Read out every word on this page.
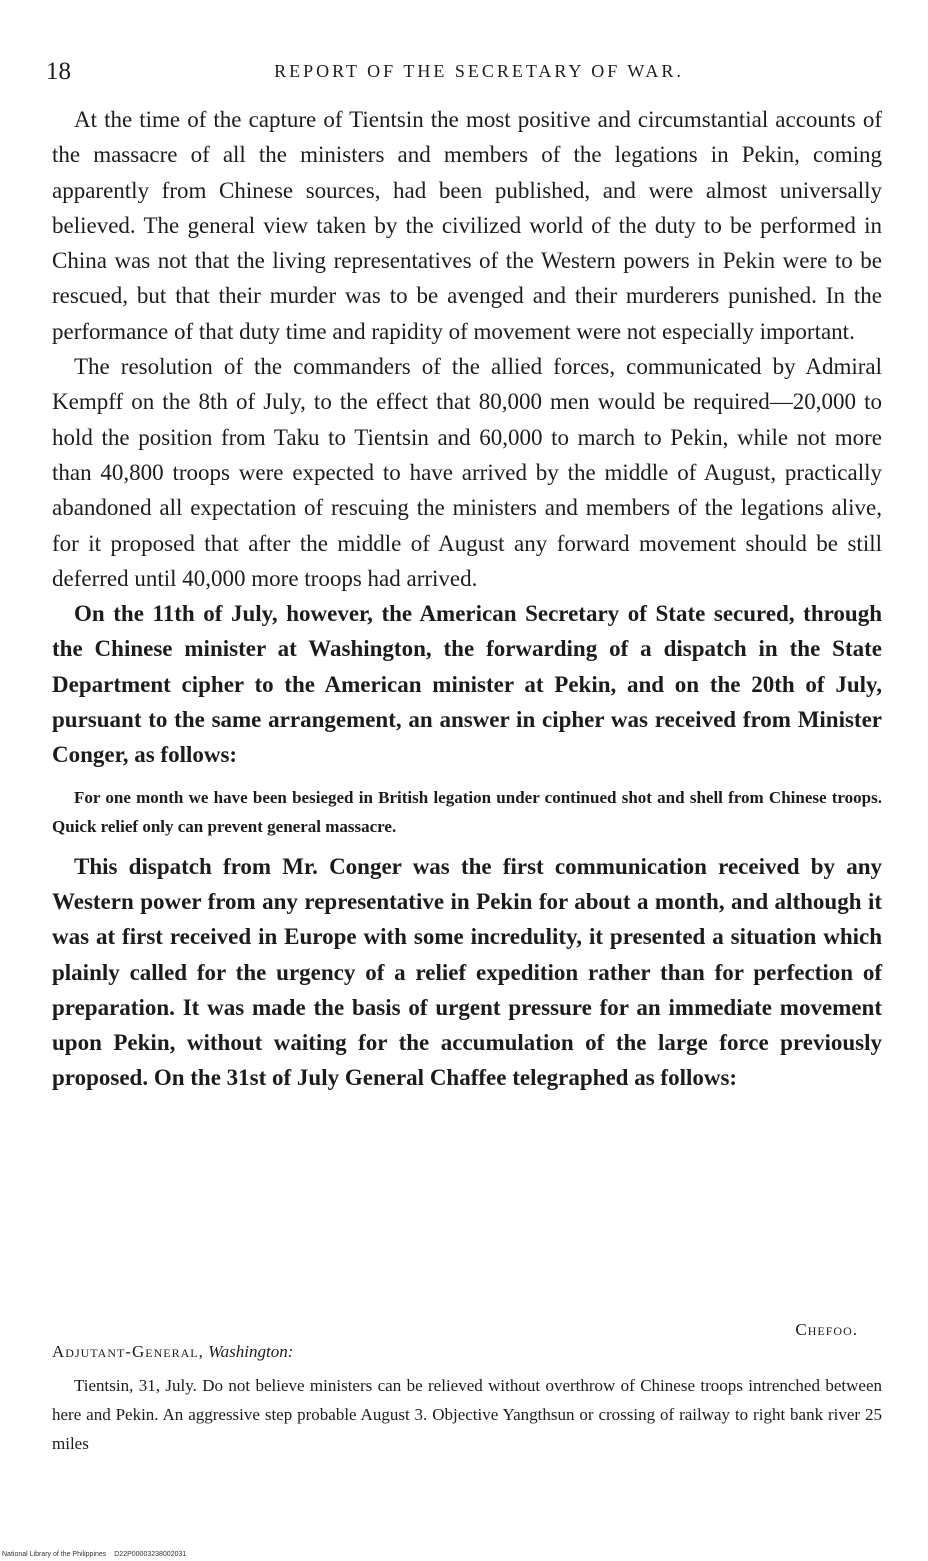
18	REPORT OF THE SECRETARY OF WAR.

At the time of the capture of Tientsin the most positive and circumstantial accounts of the massacre of all the ministers and members of the legations in Pekin, coming apparently from Chinese sources, had been published, and were almost universally believed. The general view taken by the civilized world of the duty to be performed in China was not that the living representatives of the Western powers in Pekin were to be rescued, but that their murder was to be avenged and their murderers punished. In the performance of that duty time and rapidity of movement were not especially important.

The resolution of the commanders of the allied forces, communicated by Admiral Kempff on the 8th of July, to the effect that 80,000 men would be required—20,000 to hold the position from Taku to Tientsin and 60,000 to march to Pekin, while not more than 40,800 troops were expected to have arrived by the middle of August, practically abandoned all expectation of rescuing the ministers and members of the legations alive, for it proposed that after the middle of August any forward movement should be still deferred until 40,000 more troops had arrived.

On the 11th of July, however, the American Secretary of State secured, through the Chinese minister at Washington, the forwarding of a dispatch in the State Department cipher to the American minister at Pekin, and on the 20th of July, pursuant to the same arrangement, an answer in cipher was received from Minister Conger, as follows:

For one month we have been besieged in British legation under continued shot and shell from Chinese troops. Quick relief only can prevent general massacre.

This dispatch from Mr. Conger was the first communication received by any Western power from any representative in Pekin for about a month, and although it was at first received in Europe with some incredulity, it presented a situation which plainly called for the urgency of a relief expedition rather than for perfection of preparation. It was made the basis of urgent pressure for an immediate movement upon Pekin, without waiting for the accumulation of the large force previously proposed. On the 31st of July General Chaffee telegraphed as follows:

Chefoo.
Adjutant-General, Washington:
Tientsin, 31, July. Do not believe ministers can be relieved without overthrow of Chinese troops intrenched between here and Pekin. An aggressive step probable August 3. Objective Yangthsun or crossing of railway to right bank river 25 miles
National Library of the Philippines D22P00003238002031
